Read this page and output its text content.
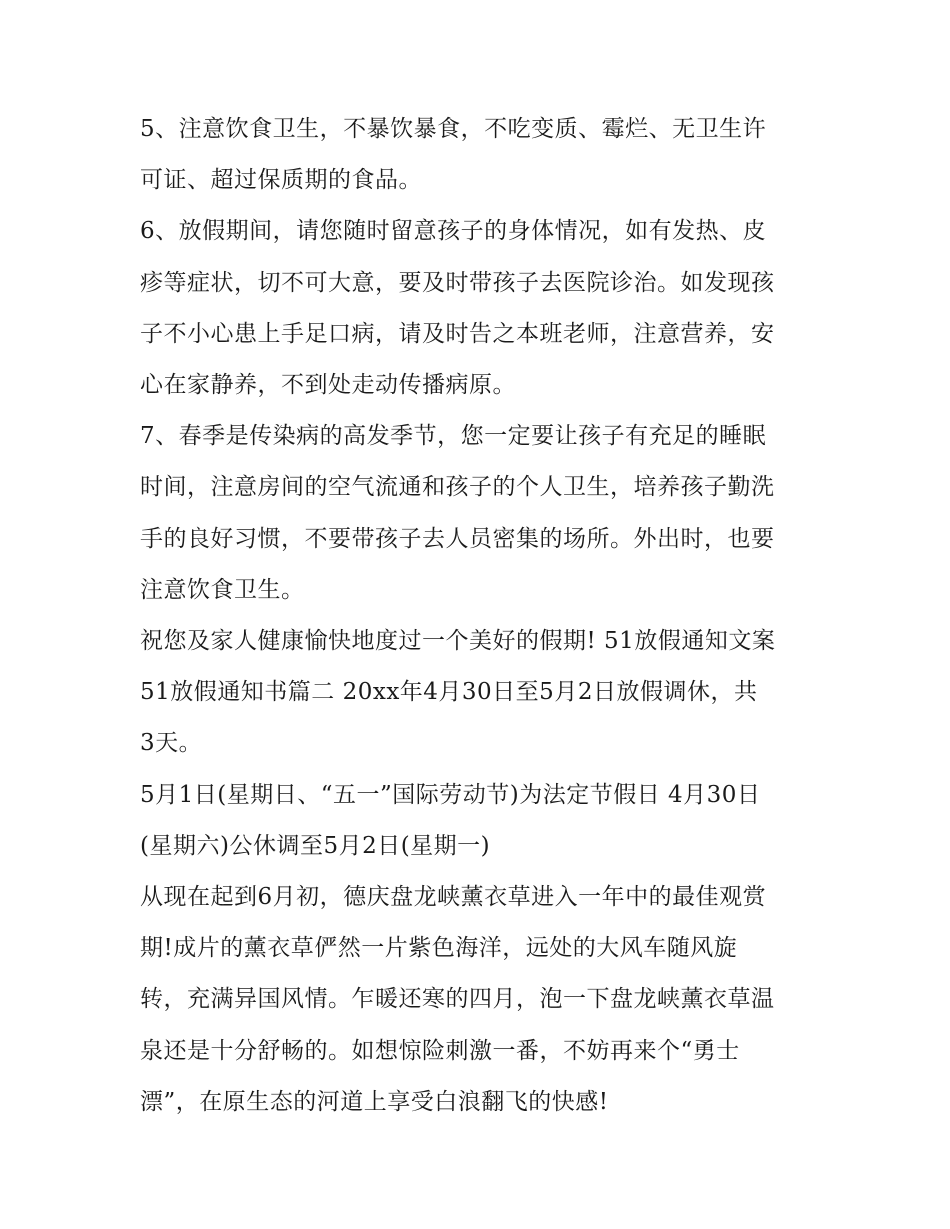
5、注意饮食卫生，不暴饮暴食，不吃变质、霉烂、无卫生许
可证、超过保质期的食品。

6、放假期间，请您随时留意孩子的身体情况，如有发热、皮
疹等症状，切不可大意，要及时带孩子去医院诊治。如发现孩
子不小心患上手足口病，请及时告之本班老师，注意营养，安
心在家静养，不到处走动传播病原。

7、春季是传染病的高发季节，您一定要让孩子有充足的睡眠
时间，注意房间的空气流通和孩子的个人卫生，培养孩子勤洗
手的良好习惯，不要带孩子去人员密集的场所。外出时，也要
注意饮食卫生。

祝您及家人健康愉快地度过一个美好的假期! 51放假通知文案

51放假通知书篇二 20xx年4月30日至5月2日放假调休，共
3天。

5月1日(星期日、“五一”国际劳动节)为法定节假日 4月30日
(星期六)公休调至5月2日(星期一)

从现在起到6月初，德庆盘龙峡薰衣草进入一年中的最佳观赏
期!成片的薰衣草俨然一片紫色海洋，远处的大风车随风旋
转，充满异国风情。乍暖还寒的四月，泡一下盘龙峡薰衣草温
泉还是十分舒畅的。如想惊险刺激一番，不妨再来个“勇士
漂”，在原生态的河道上享受白浪翻飞的快感!
